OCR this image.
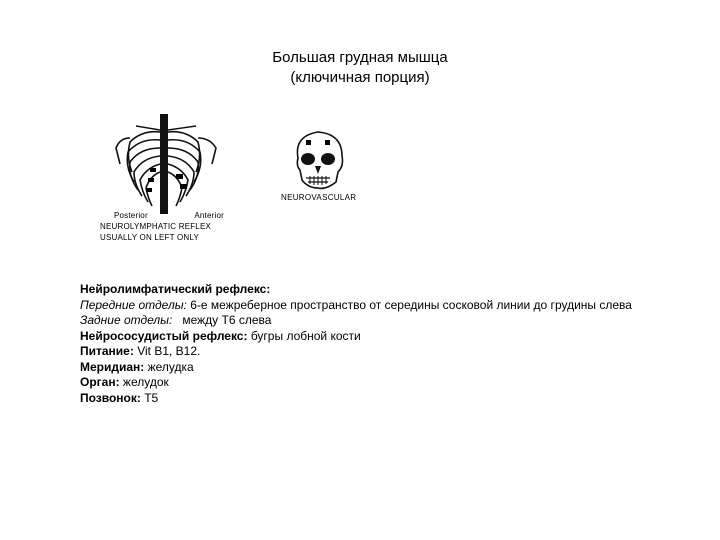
Большая грудная мышца
(ключичная порция)
Posterior	Anterior
NEUROLYMPHATIC REFLEX
USUALLY ON LEFT ONLY
NEUROVASCULAR
Нейролимфатический рефлекс:
Передние отделы: 6-е межреберное пространство от середины сосковой линии до грудины слева
Задние отделы:   между T6 слева
Нейрососудистый рефлекс: бугры лобной кости
Питание: Vit B1, B12.
Меридиан: желудка
Орган: желудок
Позвонок: T5
